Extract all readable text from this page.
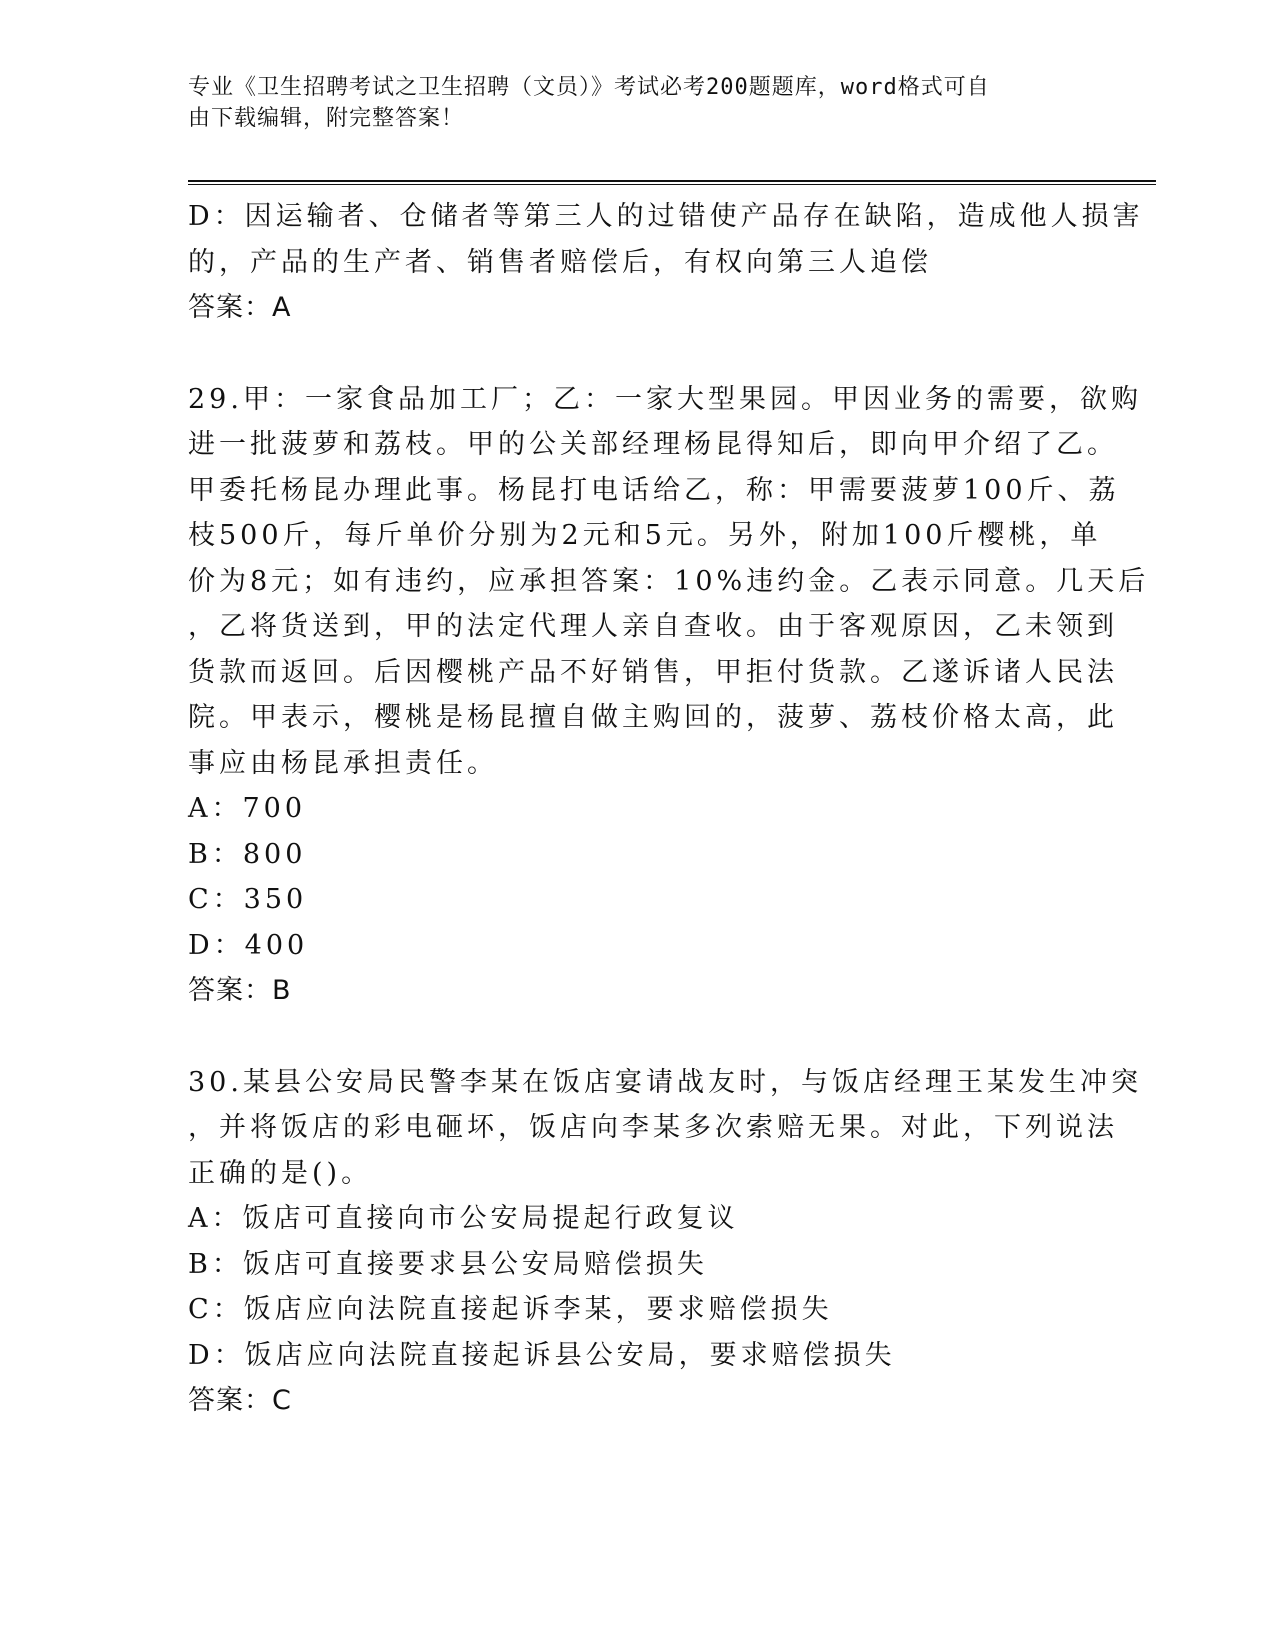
专业《卫生招聘考试之卫生招聘（文员）》考试必考200题题库，word格式可自
由下载编辑，附完整答案！
D：因运输者、仓储者等第三人的过错使产品存在缺陷，造成他人损害
的，产品的生产者、销售者赔偿后，有权向第三人追偿
答案：A
29.甲：一家食品加工厂；乙：一家大型果园。甲因业务的需要，欲购
进一批菠萝和荔枝。甲的公关部经理杨昆得知后，即向甲介绍了乙。
甲委托杨昆办理此事。杨昆打电话给乙，称：甲需要菠萝100斤、荔
枝500斤，每斤单价分别为2元和5元。另外，附加100斤樱桃，单
价为8元；如有违约，应承担答案：10%违约金。乙表示同意。几天后
，乙将货送到，甲的法定代理人亲自查收。由于客观原因，乙未领到
货款而返回。后因樱桃产品不好销售，甲拒付货款。乙遂诉诸人民法
院。甲表示，樱桃是杨昆擅自做主购回的，菠萝、荔枝价格太高，此
事应由杨昆承担责任。
A：700
B：800
C：350
D：400
答案：B
30.某县公安局民警李某在饭店宴请战友时，与饭店经理王某发生冲突
，并将饭店的彩电砸坏，饭店向李某多次索赔无果。对此，下列说法
正确的是()。
A：饭店可直接向市公安局提起行政复议
B：饭店可直接要求县公安局赔偿损失
C：饭店应向法院直接起诉李某，要求赔偿损失
D：饭店应向法院直接起诉县公安局，要求赔偿损失
答案：C
